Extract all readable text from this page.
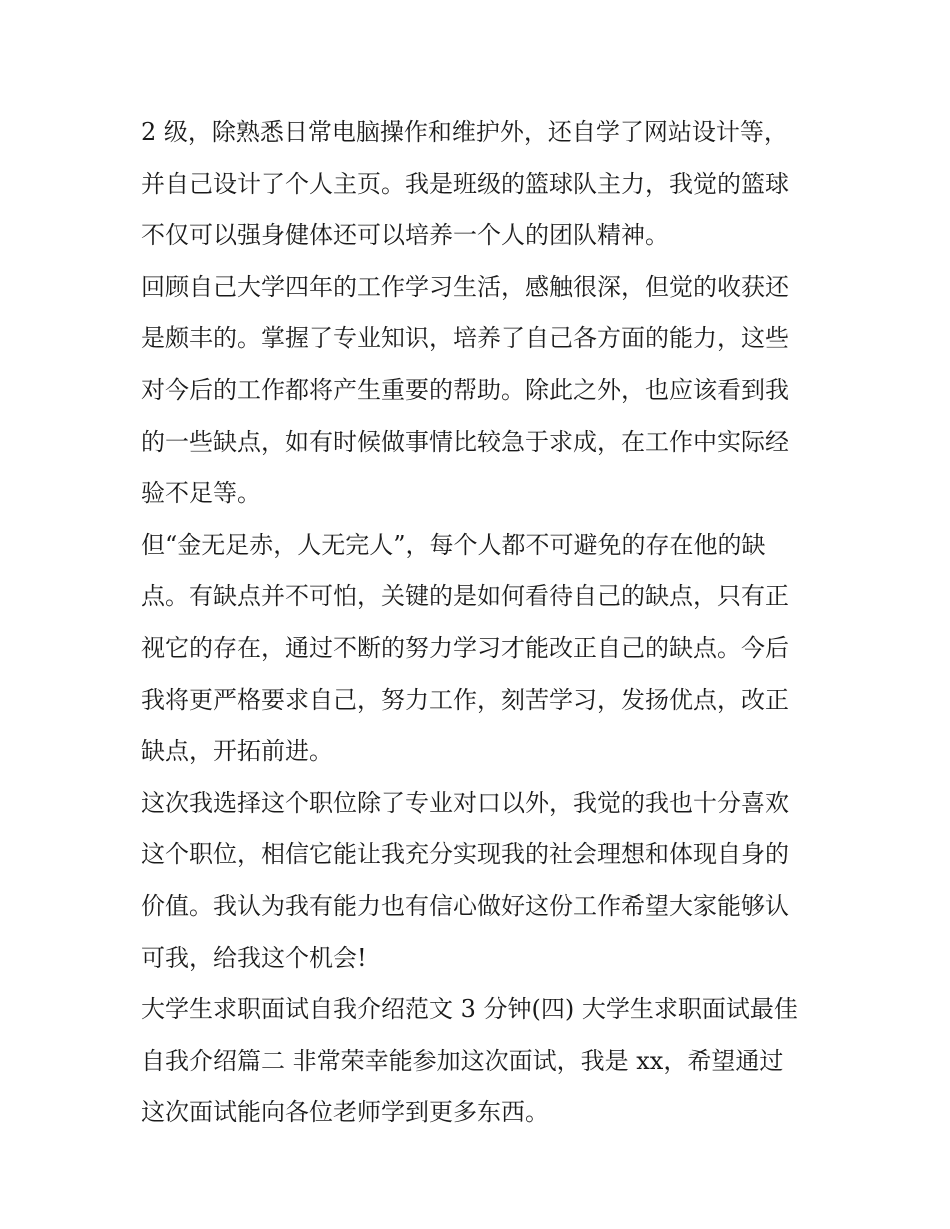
2 级，除熟悉日常电脑操作和维护外，还自学了网站设计等，
并自己设计了个人主页。我是班级的篮球队主力，我觉的篮球
不仅可以强身健体还可以培养一个人的团队精神。
回顾自己大学四年的工作学习生活，感触很深，但觉的收获还
是颇丰的。掌握了专业知识，培养了自己各方面的能力，这些
对今后的工作都将产生重要的帮助。除此之外，也应该看到我
的一些缺点，如有时候做事情比较急于求成，在工作中实际经
验不足等。
但“金无足赤，人无完人”，每个人都不可避免的存在他的缺
点。有缺点并不可怕，关键的是如何看待自己的缺点，只有正
视它的存在，通过不断的努力学习才能改正自己的缺点。今后
我将更严格要求自己，努力工作，刻苦学习，发扬优点，改正
缺点，开拓前进。
这次我选择这个职位除了专业对口以外，我觉的我也十分喜欢
这个职位，相信它能让我充分实现我的社会理想和体现自身的
价值。我认为我有能力也有信心做好这份工作希望大家能够认
可我，给我这个机会!
大学生求职面试自我介绍范文 3 分钟(四) 大学生求职面试最佳
自我介绍篇二 非常荣幸能参加这次面试，我是 xx，希望通过
这次面试能向各位老师学到更多东西。
